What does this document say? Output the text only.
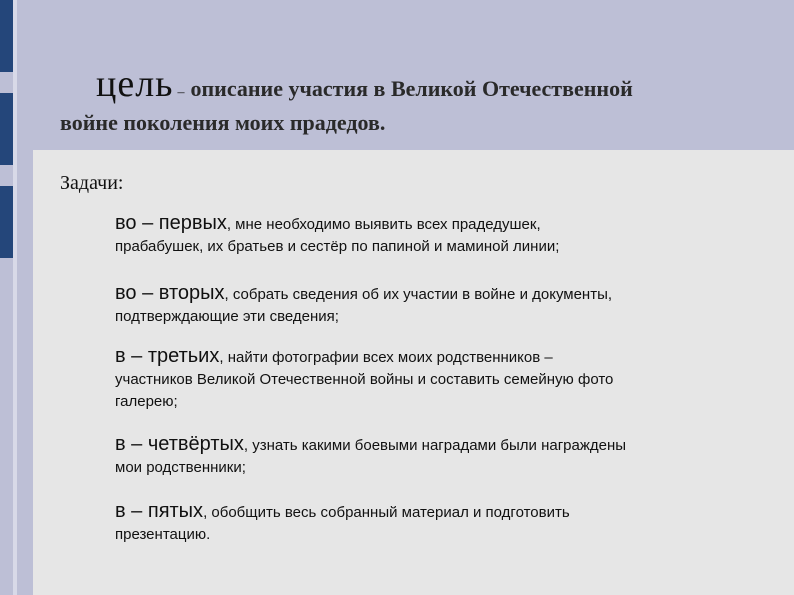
цель – описание участия в Великой Отечественной
войне поколения моих прадедов.
Задачи:
во – первых, мне необходимо выявить всех прадедушек,
прабабушек, их братьев и сестёр по папиной и маминой линии;
во – вторых, собрать сведения об их участии в войне и документы,
подтверждающие эти сведения;
в – третьих, найти фотографии всех моих родственников –
участников Великой Отечественной войны и составить семейную фото
галерею;
в – четвёртых, узнать какими боевыми наградами были награждены
мои родственники;
в – пятых, обобщить весь собранный материал и подготовить
презентацию.
